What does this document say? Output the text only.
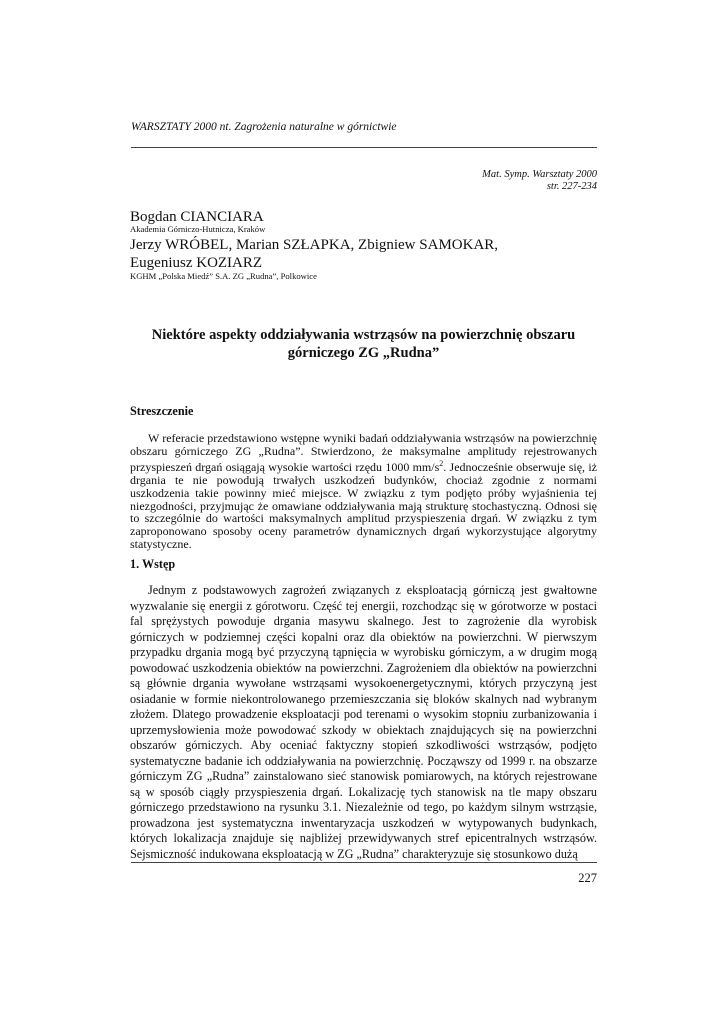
WARSZTATY 2000 nt. Zagrożenia naturalne w górnictwie
Mat. Symp. Warsztaty 2000
str. 227-234
Bogdan CIANCIARA
Akademia Górniczo-Hutnicza, Kraków
Jerzy WRÓBEL, Marian SZŁAPKA, Zbigniew SAMOKAR,
Eugeniusz KOZIARZ
KGHM „Polska Miedź” S.A. ZG „Rudna”, Polkowice
Niektóre aspekty oddziaływania wstrząsów na powierzchnię obszaru
górniczego ZG „Rudna”
Streszczenie

W referacie przedstawiono wstępne wyniki badań oddziaływania wstrząsów na powierzchnię obszaru górniczego ZG „Rudna”. Stwierdzono, że maksymalne amplitudy rejestrowanych przyspieszeń drgań osiągają wysokie wartości rzędu 1000 $mm/s^2$. Jednocześnie obserwuje się, iż drgania te nie powodują trwałych uszkodzeń budynków, chociaż zgodnie z normami uszkodzenia takie powinny mieć miejsce. W związku z tym podjęto próby wyjaśnienia tej niezgodności, przyjmując że omawiane oddziaływania mają strukturę stochastyczną. Odnosi się to szczególnie do wartości maksymalnych amplitud przyspieszenia drgań. W związku z tym zaproponowano sposoby oceny parametrów dynamicznych drgań wykorzystujące algorytmy statystyczne.

1. Wstęp

Jednym z podstawowych zagrożeń związanych z eksploatacją górniczą jest gwałtowne wyzwalanie się energii z górotworu. Część tej energii, rozchodząc się w górotworze w postaci fal sprężystych powoduje drgania masywu skalnego. Jest to zagrożenie dla wyrobisk górniczych w podziemnej części kopalni oraz dla obiektów na powierzchni. W pierwszym przypadku drgania mogą być przyczyną tąpnięcia w wyrobisku górniczym, a w drugim mogą powodować uszkodzenia obiektów na powierzchni. Zagrożeniem dla obiektów na powierzchni są głównie drgania wywołane wstrząsami wysokoenergetycznymi, których przyczyną jest osiadanie w formie niekontrolowanego przemieszczania się bloków skalnych nad wybranym złożem. Dlatego prowadzenie eksploatacji pod terenami o wysokim stopniu zurbanizowania i uprzemysłowienia może powodować szkody w obiektach znajdujących się na powierzchni obszarów górniczych. Aby oceniać faktyczny stopień szkodliwości wstrząsów, podjęto systematyczne badanie ich oddziaływania na powierzchnię. Począwszy od 1999 r. na obszarze górniczym ZG „Rudna” zainstalowano sieć stanowisk pomiarowych, na których rejestrowane są w sposób ciągły przyspieszenia drgań. Lokalizację tych stanowisk na tle mapy obszaru górniczego przedstawiono na rysunku 3.1. Niezależnie od tego, po każdym silnym wstrząsie, prowadzona jest systematyczna inwentaryzacja uszkodzeń w wytypowanych budynkach, których lokalizacja znajduje się najbliżej przewidywanych stref epicentralnych wstrząsów. Sejsmiczność indukowana eksploatacją w ZG „Rudna” charakteryzuje się stosunkowo dużą

227
